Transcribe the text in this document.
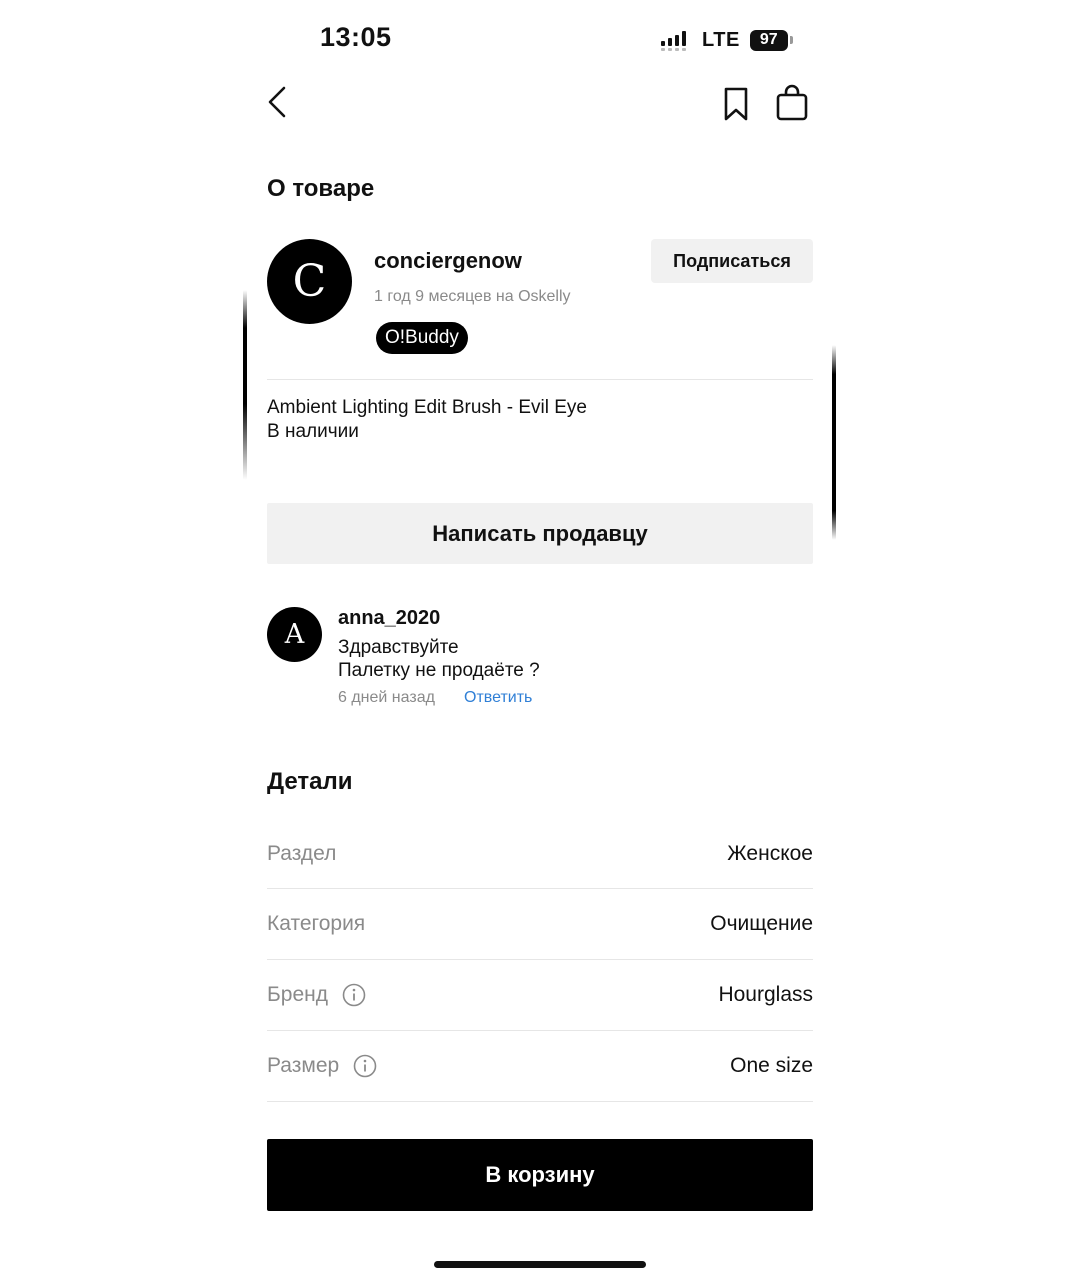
13:05	LTE	97
О товаре
C conciergenow
1 год 9 месяцев на Oskelly
O!Buddy
Подписаться
Ambient Lighting Edit Brush - Evil Eye
В наличии
Написать продавцу
A
anna_2020
Здравствуйте
Палетку не продаёте ?
6 дней назад Ответить
Детали
Раздел	Женское
Категория	Очищение
Бренд	Hourglass
Размер	One size
В корзину
